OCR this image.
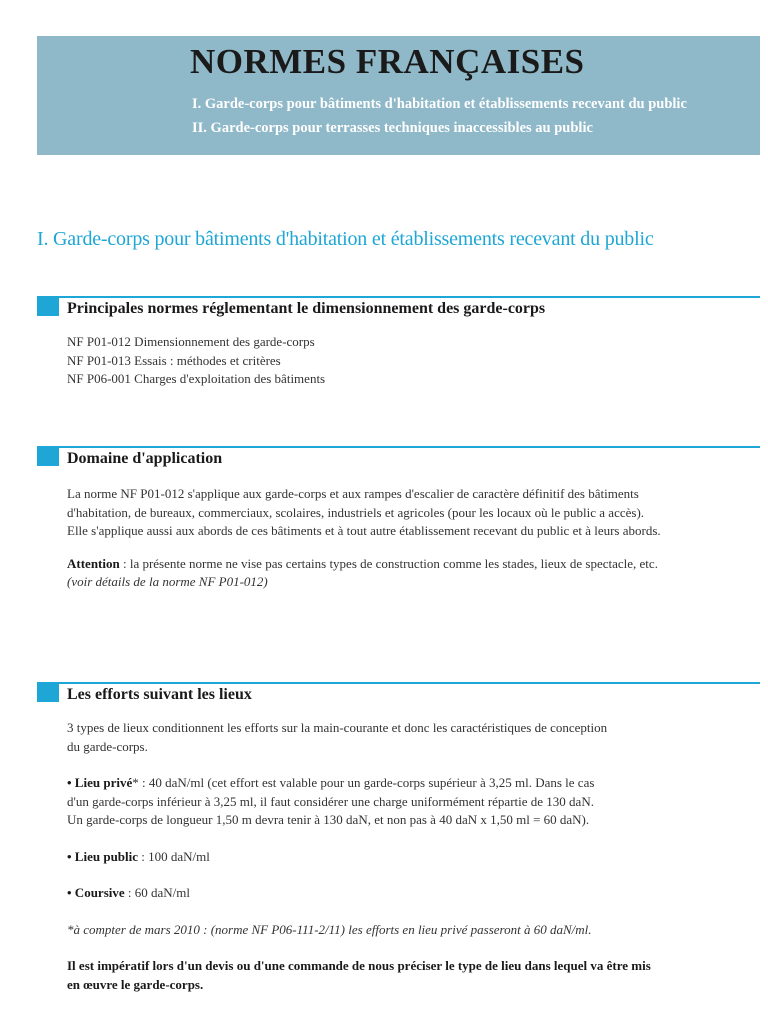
NORMES FRANÇAISES
I. Garde-corps pour bâtiments d'habitation et établissements recevant du public
II. Garde-corps pour terrasses techniques inaccessibles au public
I. Garde-corps pour bâtiments d'habitation et établissements recevant du public
Principales normes réglementant le dimensionnement des garde-corps

NF P01-012 Dimensionnement des garde-corps

NF P01-013 Essais : méthodes et critères

NF P06-001 Charges d'exploitation des bâtiments

Domaine d'application

La norme NF P01-012 s'applique aux garde-corps et aux rampes d'escalier de caractère définitif des bâtiments

d'habitation, de bureaux, commerciaux, scolaires, industriels et agricoles (pour les locaux où le public a accès).

Elle s'applique aussi aux abords de ces bâtiments et à tout autre établissement recevant du public et à leurs abords.

Attention : la présente norme ne vise pas certains types de construction comme les stades, lieux de spectacle, etc.

(voir détails de la norme NF P01-012)

Les efforts suivant les lieux

3 types de lieux conditionnent les efforts sur la main-courante et donc les caractéristiques de conception

du garde-corps.

• Lieu privé* : 40 daN/ml (cet effort est valable pour un garde-corps supérieur à 3,25 ml. Dans le cas

d'un garde-corps inférieur à 3,25 ml, il faut considérer une charge uniformément répartie de 130 daN.

Un garde-corps de longueur 1,50 m devra tenir à 130 daN, et non pas à 40 daN x 1,50 ml = 60 daN).

• Lieu public : 100 daN/ml

• Coursive : 60 daN/ml

*à compter de mars 2010 : (norme NF P06-111-2/11) les efforts en lieu privé passeront à 60 daN/ml.

Il est impératif lors d'un devis ou d'une commande de nous préciser le type de lieu dans lequel va être mis

en œuvre le garde-corps.
